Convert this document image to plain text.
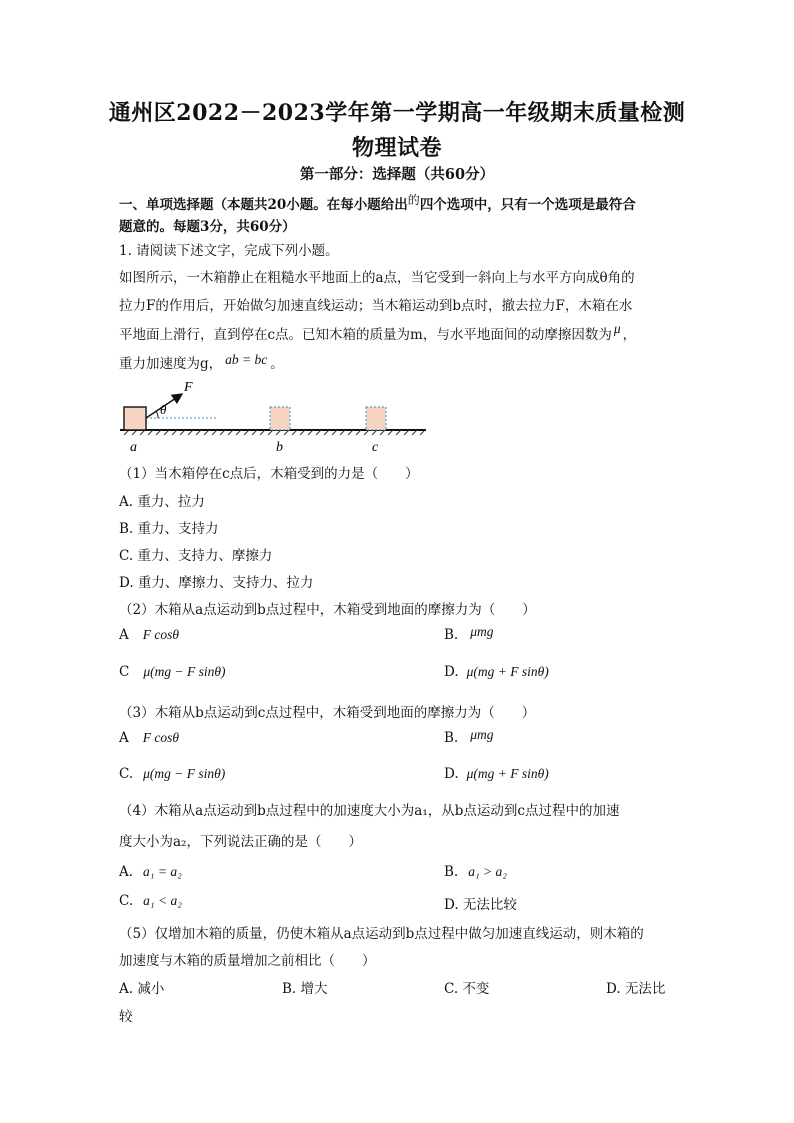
通州区2022－2023学年第一学期高一年级期末质量检测
物理试卷
第一部分：选择题（共60分）
一、单项选择题（本题共20小题。在每小题给出的四个选项中，只有一个选项是最符合
题意的。每题3分，共60分）
1. 请阅读下述文字，完成下列小题。
如图所示，一木箱静止在粗糙水平地面上的a点，当它受到一斜向上与水平方向成θ角的
拉力F的作用后，开始做匀加速直线运动；当木箱运动到b点时，撤去拉力F，木箱在水
平地面上滑行，直到停在c点。已知木箱的质量为m，与水平地面间的动摩擦因数为 μ ，
重力加速度为g， ab = bc 。
θ
F
a	b	c
（1）当木箱停在c点后，木箱受到的力是（　　）
A. 重力、拉力
B. 重力、支持力
C. 重力、支持力、摩擦力
D. 重力、摩擦力、支持力、拉力
（2）木箱从a点运动到b点过程中，木箱受到地面的摩擦力为（　　）
A F cosθ	B. μmg
C μ(mg − F sinθ)	D. μ(mg + F sinθ)
（3）木箱从b点运动到c点过程中，木箱受到地面的摩擦力为（　　）
A F cosθ	B. μmg
C. μ(mg − F sinθ)	D. μ(mg + F sinθ)
（4）木箱从a点运动到b点过程中的加速度大小为a₁，从b点运动到c点过程中的加速
度大小为a₂，下列说法正确的是（　　）
A. a₁ = a₂	B. a₁ > a₂
C. a₁ < a₂	D. 无法比较
（5）仅增加木箱的质量，仍使木箱从a点运动到b点过程中做匀加速直线运动，则木箱的
加速度与木箱的质量增加之前相比（　　）
A. 减小	B. 增大	C. 不变	D. 无法比
较
